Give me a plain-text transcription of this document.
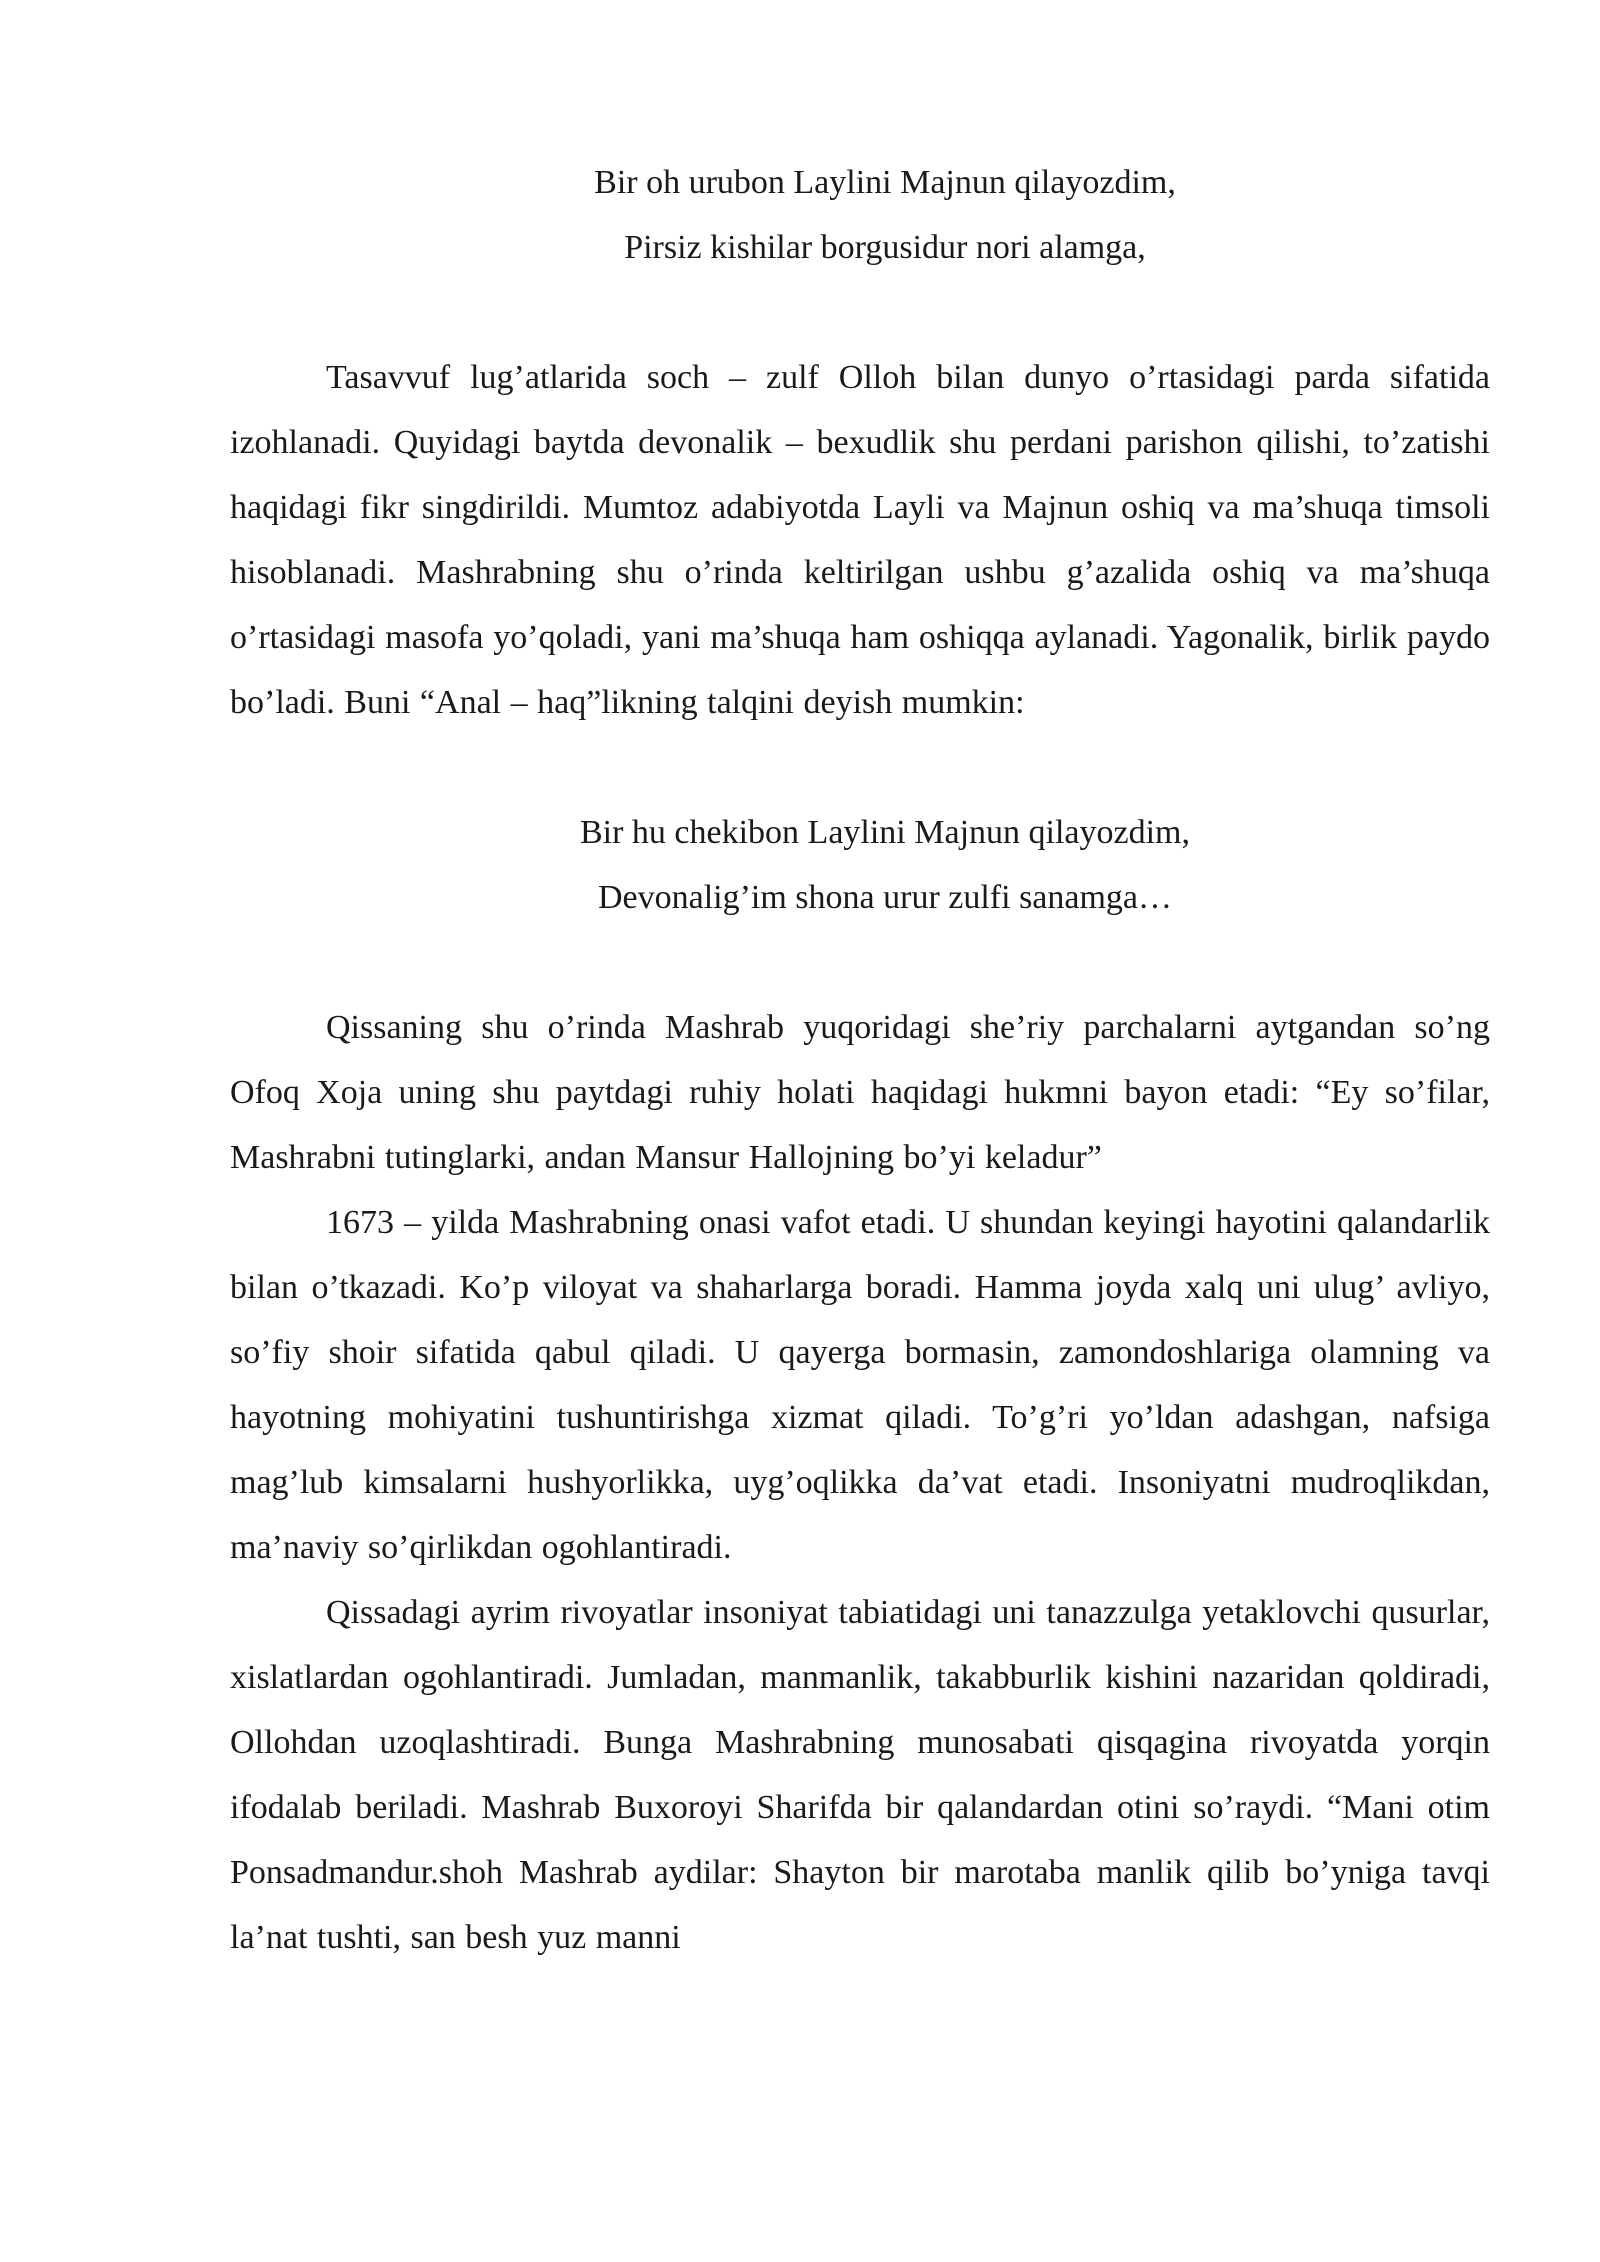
Bir oh urubon Laylini Majnun qilayozdim,
Pirsiz kishilar borgusidur nori alamga,

Tasavvuf lug’atlarida soch – zulf Olloh bilan dunyo o’rtasidagi parda sifatida izohlanadi. Quyidagi baytda devonalik – bexudlik shu perdani parishon qilishi, to’zatishi haqidagi fikr singdirildi. Mumtoz adabiyotda Layli va Majnun oshiq va ma’shuqa timsoli hisoblanadi. Mashrabning shu o’rinda keltirilgan ushbu g’azalida oshiq va ma’shuqa o’rtasidagi masofa yo’qoladi, yani ma’shuqa ham oshiqqa aylanadi. Yagonalik, birlik paydo bo’ladi. Buni “Anal – haq”likning talqini deyish mumkin:

Bir hu chekibon Laylini Majnun qilayozdim,
Devonalig’im shona urur zulfi sanamga…

Qissaning shu o’rinda Mashrab yuqoridagi she’riy parchalarni aytgandan so’ng Ofoq Xoja uning shu paytdagi ruhiy holati haqidagi hukmni bayon etadi: “Ey so’filar, Mashrabni tutinglarki, andan Mansur Hallojning bo’yi keladur”

1673 – yilda Mashrabning onasi vafot etadi. U shundan keyingi hayotini qalandarlik bilan o’tkazadi. Ko’p viloyat va shaharlarga boradi. Hamma joyda xalq uni ulug’ avliyo, so’fiy shoir sifatida qabul qiladi. U qayerga bormasin, zamondoshlariga olamning va hayotning mohiyatini tushuntirishga xizmat qiladi. To’g’ri yo’ldan adashgan, nafsiga mag’lub kimsalarni hushyorlikka, uyg’oqlikka da’vat etadi. Insoniyatni mudroqlikdan, ma’naviy so’qirlikdan ogohlantiradi.

Qissadagi ayrim rivoyatlar insoniyat tabiatidagi uni tanazzulga yetaklovchi qusurlar, xislatlardan ogohlantiradi. Jumladan, manmanlik, takabburlik kishini nazaridan qoldiradi, Ollohdan uzoqlashtiradi. Bunga Mashrabning munosabati qisqagina rivoyatda yorqin ifodalab beriladi. Mashrab Buxoroyi Sharifda bir qalandardan otini so’raydi. “Mani otim Ponsadmandur.shoh Mashrab aydilar: Shayton bir marotaba manlik qilib bo’yniga tavqi la’nat tushti, san besh yuz manni
